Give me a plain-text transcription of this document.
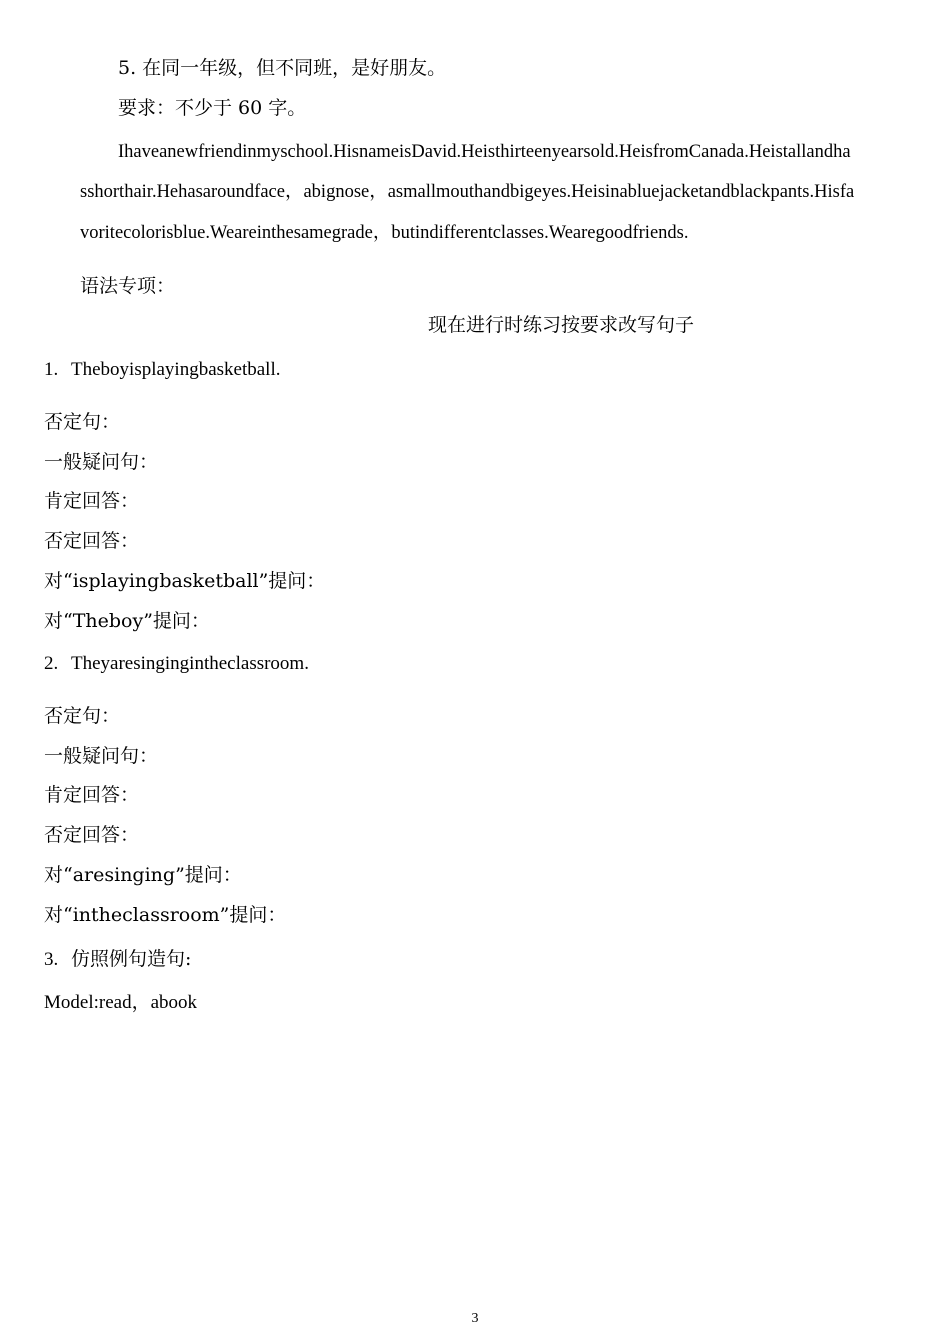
5. 在同一年级，但不同班，是好朋友。
要求：不少于 60 字。
Ihaveanewfriendinmyschool.HisnameisDavid.Heisthirteenyearsold.HeisfromCanada.Heistallandha
sshorthair.Hehasaroundface，abignose，asmallmouthandbigeyes.Heisinabluejacketandblackpants.Hisfa
voritecolorisblue.Weareinthesamegrade，butindifferentclasses.Wearegoodfriends.
语法专项：
现在进行时练习按要求改写句子
1. Theboyisplayingbasketball.
否定句：
一般疑问句：
肯定回答：
否定回答：
对“isplayingbasketball”提问：
对“Theboy”提问：
2. Theyaresingingintheclassroom.
否定句：
一般疑问句：
肯定回答：
否定回答：
对“aresinging”提问：
对“intheclassroom”提问：
3. 仿照例句造句:
Model:read，abook
3
